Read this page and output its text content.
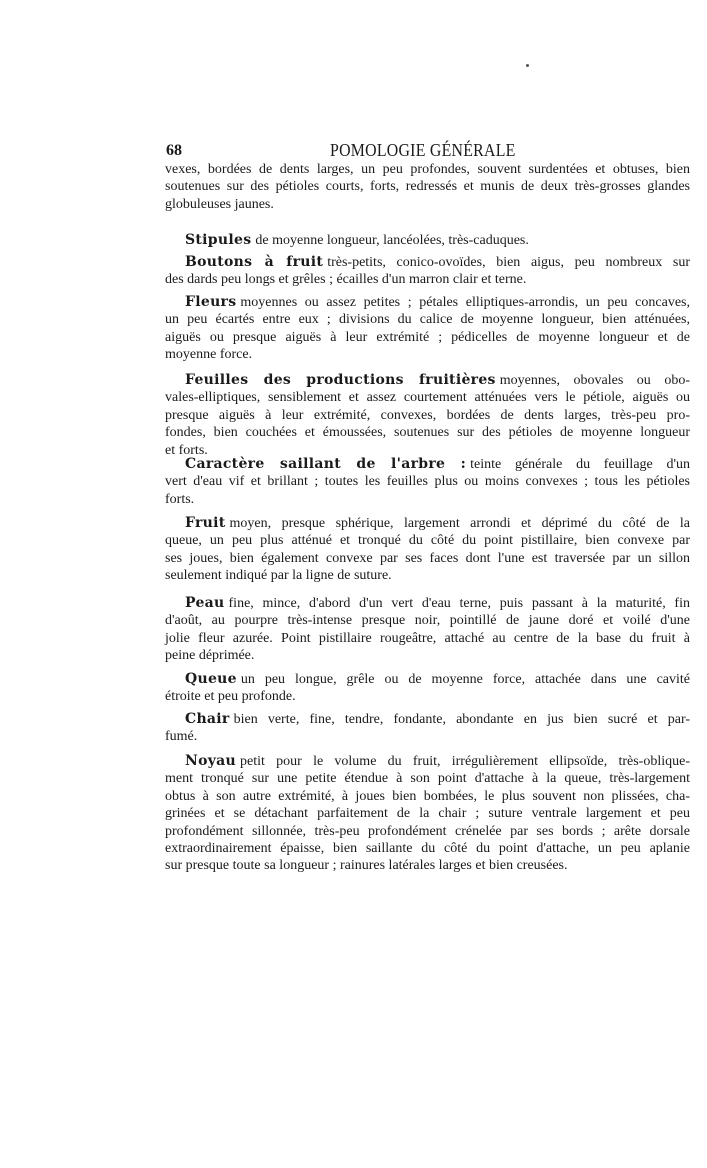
68	POMOLOGIE GÉNÉRALE
vexes, bordées de dents larges, un peu profondes, souvent surdentées et obtuses, bien
soutenues sur des pétioles courts, forts, redressés et munis de deux très-grosses glandes
globuleuses jaunes.
Stipules de moyenne longueur, lancéolées, très-caduques.
Boutons à fruit très-petits, conico-ovoïdes, bien aigus, peu nombreux sur
des dards peu longs et grêles ; écailles d'un marron clair et terne.
Fleurs moyennes ou assez petites ; pétales elliptiques-arrondis, un peu concaves,
un peu écartés entre eux ; divisions du calice de moyenne longueur, bien atténuées,
aiguës ou presque aiguës à leur extrémité ; pédicelles de moyenne longueur et de
moyenne force.
Feuilles des productions fruitières moyennes, obovales ou obo-
vales-elliptiques, sensiblement et assez courtement atténuées vers le pétiole, aiguës ou
presque aiguës à leur extrémité, convexes, bordées de dents larges, très-peu pro-
fondes, bien couchées et émoussées, soutenues sur des pétioles de moyenne longueur
et forts.
Caractère saillant de l'arbre : teinte générale du feuillage d'un
vert d'eau vif et brillant ; toutes les feuilles plus ou moins convexes ; tous les pétioles
forts.
Fruit moyen, presque sphérique, largement arrondi et déprimé du côté de la
queue, un peu plus atténué et tronqué du côté du point pistillaire, bien convexe par
ses joues, bien également convexe par ses faces dont l'une est traversée par un sillon
seulement indiqué par la ligne de suture.
Peau fine, mince, d'abord d'un vert d'eau terne, puis passant à la maturité, fin
d'août, au pourpre très-intense presque noir, pointillé de jaune doré et voilé d'une
jolie fleur azurée. Point pistillaire rougeâtre, attaché au centre de la base du fruit à
peine déprimée.
Queue un peu longue, grêle ou de moyenne force, attachée dans une cavité
étroite et peu profonde.
Chair bien verte, fine, tendre, fondante, abondante en jus bien sucré et par-
fumé.
Noyau petit pour le volume du fruit, irrégulièrement ellipsoïde, très-oblique-
ment tronqué sur une petite étendue à son point d'attache à la queue, très-largement
obtus à son autre extrémité, à joues bien bombées, le plus souvent non plissées, cha-
grinées et se détachant parfaitement de la chair ; suture ventrale largement et peu
profondément sillonnée, très-peu profondément crénelée par ses bords ; arête dorsale
extraordinairement épaisse, bien saillante du côté du point d'attache, un peu aplanie
sur presque toute sa longueur ; rainures latérales larges et bien creusées.
